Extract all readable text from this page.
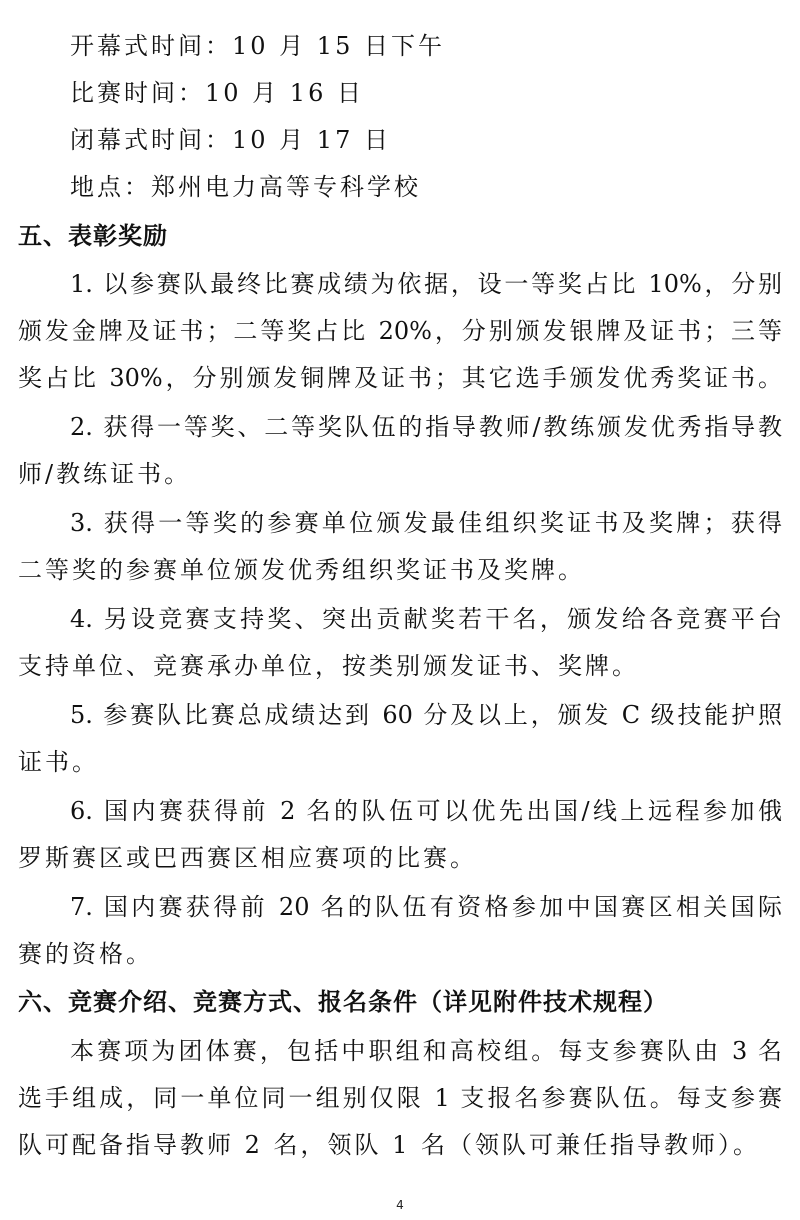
开幕式时间：10 月 15 日下午
比赛时间：10 月 16 日
闭幕式时间：10 月 17 日
地点：郑州电力高等专科学校
五、表彰奖励
1. 以参赛队最终比赛成绩为依据，设一等奖占比 10%，分别
颁发金牌及证书；二等奖占比 20%，分别颁发银牌及证书；三等
奖占比 30%，分别颁发铜牌及证书；其它选手颁发优秀奖证书。
2. 获得一等奖、二等奖队伍的指导教师/教练颁发优秀指导教
师/教练证书。
3. 获得一等奖的参赛单位颁发最佳组织奖证书及奖牌；获得
二等奖的参赛单位颁发优秀组织奖证书及奖牌。
4. 另设竞赛支持奖、突出贡献奖若干名，颁发给各竞赛平台
支持单位、竞赛承办单位，按类别颁发证书、奖牌。
5. 参赛队比赛总成绩达到 60 分及以上，颁发 C 级技能护照
证书。
6. 国内赛获得前 2 名的队伍可以优先出国/线上远程参加俄
罗斯赛区或巴西赛区相应赛项的比赛。
7. 国内赛获得前 20 名的队伍有资格参加中国赛区相关国际
赛的资格。
六、竞赛介绍、竞赛方式、报名条件（详见附件技术规程）
本赛项为团体赛，包括中职组和高校组。每支参赛队由 3 名
选手组成，同一单位同一组别仅限 1 支报名参赛队伍。每支参赛
队可配备指导教师 2 名，领队 1 名（领队可兼任指导教师）。
4
